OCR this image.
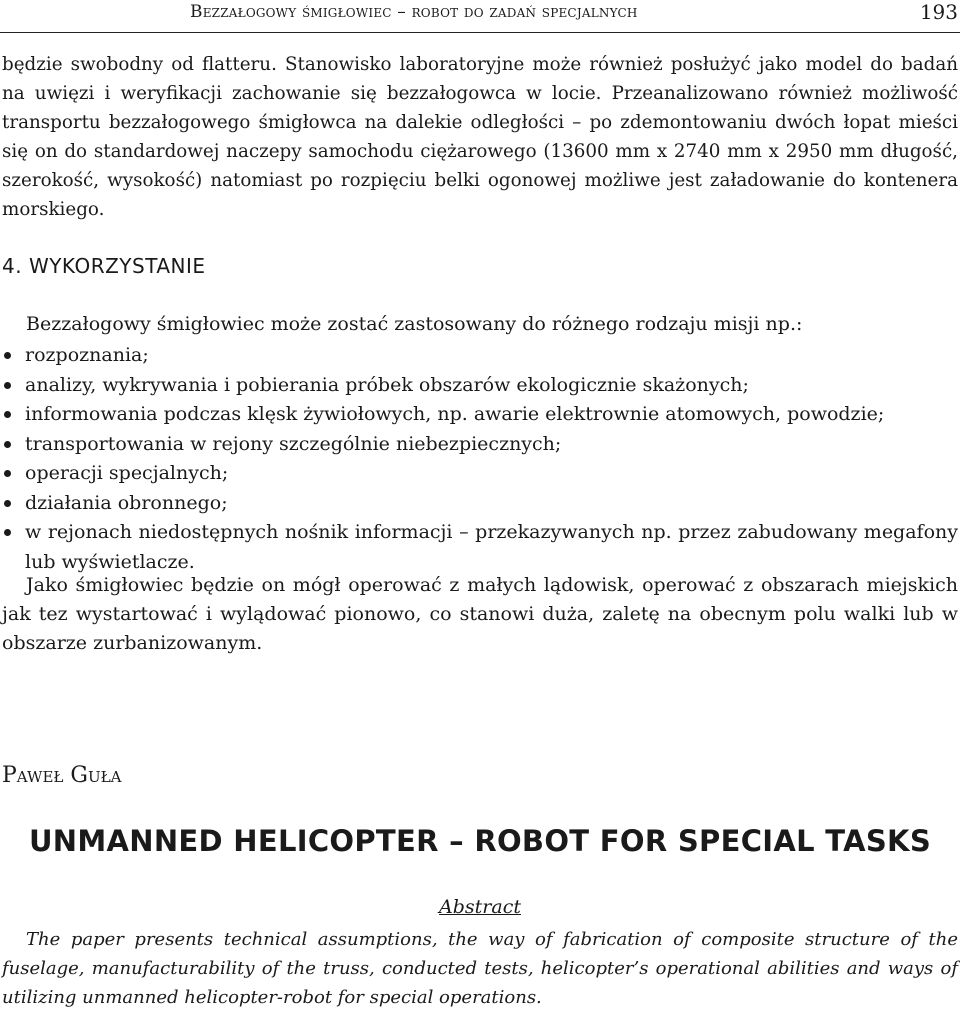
Bezzałogowy śmigłowiec – robot do zadań specjalnych	193

będzie swobodny od flatteru. Stanowisko laboratoryjne może również posłużyć jako model do badań na uwięzi i weryfikacji zachowanie się bezzałogowca w locie. Przeanalizowano również możliwość transportu bezzałogowego śmigłowca na dalekie odległości – po zdemontowaniu dwóch łopat mieści się on do standardowej naczepy samochodu ciężarowego (13600 mm x 2740 mm x 2950 mm długość, szerokość, wysokość) natomiast po rozpięciu belki ogonowej możliwe jest załadowanie do kontenera morskiego.

4. WYKORZYSTANIE
Bezzałogowy śmigłowiec może zostać zastosowany do różnego rodzaju misji np.:
rozpoznania;
analizy, wykrywania i pobierania próbek obszarów ekologicznie skażonych;
informowania podczas klęsk żywiołowych, np. awarie elektrownie atomowych, powodzie;
transportowania w rejony szczególnie niebezpiecznych;
operacji specjalnych;
działania obronnego;
w rejonach niedostępnych nośnik informacji – przekazywanych np. przez zabudowany megafony lub wyświetlacze.

Jako śmigłowiec będzie on mógł operować z małych lądowisk, operować z obszarach miejskich jak tez wystartować i wylądować pionowo, co stanowi duża, zaletę na obecnym polu walki lub w obszarze zurbanizowanym.

Paweł Guła
UNMANNED HELICOPTER – ROBOT FOR SPECIAL TASKS
Abstract

The paper presents technical assumptions, the way of fabrication of composite structure of the fuselage, manufacturability of the truss, conducted tests, helicopter’s operational abilities and ways of utilizing unmanned helicopter-robot for special operations.
